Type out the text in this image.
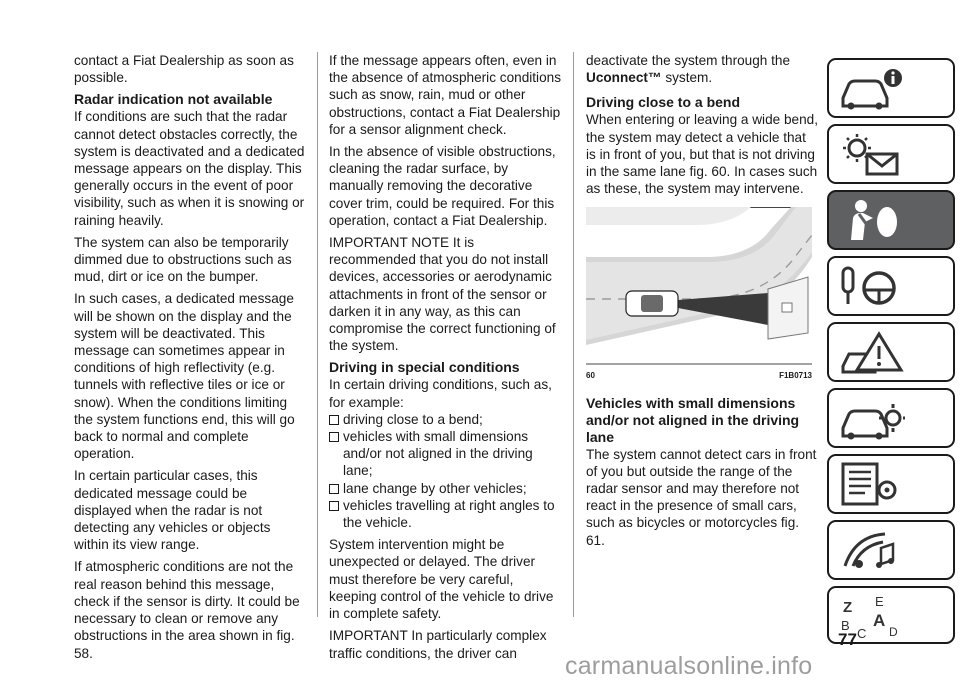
contact a Fiat Dealership as soon as possible.

Radar indication not available

If conditions are such that the radar cannot detect obstacles correctly, the system is deactivated and a dedicated message appears on the display. This generally occurs in the event of poor visibility, such as when it is snowing or raining heavily.

The system can also be temporarily dimmed due to obstructions such as mud, dirt or ice on the bumper.

In such cases, a dedicated message will be shown on the display and the system will be deactivated. This message can sometimes appear in conditions of high reflectivity (e.g. tunnels with reflective tiles or ice or snow). When the conditions limiting the system functions end, this will go back to normal and complete operation.

In certain particular cases, this dedicated message could be displayed when the radar is not detecting any vehicles or objects within its view range.

If atmospheric conditions are not the real reason behind this message, check if the sensor is dirty. It could be necessary to clean or remove any obstructions in the area shown in fig. 58.

If the message appears often, even in the absence of atmospheric conditions such as snow, rain, mud or other obstructions, contact a Fiat Dealership for a sensor alignment check.

In the absence of visible obstructions, cleaning the radar surface, by manually removing the decorative cover trim, could be required. For this operation, contact a Fiat Dealership.

IMPORTANT NOTE It is recommended that you do not install devices, accessories or aerodynamic attachments in front of the sensor or darken it in any way, as this can compromise the correct functioning of the system.

Driving in special conditions

In certain driving conditions, such as, for example:

driving close to a bend;
vehicles with small dimensions and/or not aligned in the driving lane;
lane change by other vehicles;
vehicles travelling at right angles to the vehicle.

System intervention might be unexpected or delayed. The driver must therefore be very careful, keeping control of the vehicle to drive in complete safety.

IMPORTANT In particularly complex traffic conditions, the driver can

deactivate the system through the Uconnect™ system.

Driving close to a bend

When entering or leaving a wide bend, the system may detect a vehicle that is in front of you, but that is not driving in the same lane fig. 60. In cases such as these, the system may intervene.

60	F1B0713
Vehicles with small dimensions and/or not aligned in the driving lane

The system cannot detect cars in front of you but outside the range of the radar sensor and may therefore not react in the presence of small cars, such as bicycles or motorcycles fig. 61.

Z E
B A
C D
77
carmanualsonline.info
